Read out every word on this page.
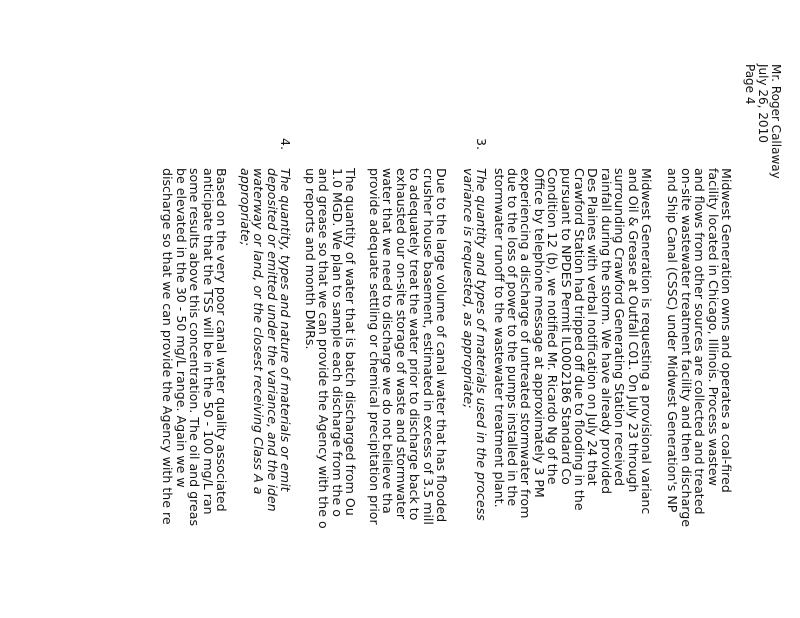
Mr. Roger Callaway
July 26, 2010
Page 4
Midwest Generation owns and operates a coal-fired
facility located in Chicago, Illinois. Process wastew
and flows from other sources are collected and treated
on-site wastewater treatment facility and then discharge
and Ship Canal (CSSC) under Midwest Generation's NP
Midwest Generation is requesting a provisional varianc
and Oil & Grease at Outfall C01. On July 23 through
surrounding Crawford Generating Station received
rainfall during the storm. We have already provided
Des Plaines with verbal notification on July 24 that
Crawford Station had tripped off due to flooding in the
pursuant to NPDES Permit IL0002186 Standard Co
Condition 12 (b), we notified Mr. Ricardo Ng of the
Office by telephone message at approximately 3 PM
experiencing a discharge of untreated stormwater from
due to the loss of power to the pumps installed in the
stormwater runoff to the wastewater treatment plant.
3.
The quantity and types of materials used in the process
variance is requested, as appropriate;
Due to the large volume of canal water that has flooded
crusher house basement, estimated in excess of 3.5 mill
to adequately treat the water prior to discharge back to
exhausted our on-site storage of waste and stormwater
water that we need to discharge we do not believe tha
provide adequate settling or chemical precipitation prior
The quantity of water that is batch discharged from Ou
1.0 MGD. We plan to sample each discharge from the o
and grease so that we can provide the Agency with the o
up reports and month DMRs.
4.
The quantity, types and nature of materials or emit
deposited or emitted under the variance, and the iden
waterway or land, or the closest receiving Class A a
appropriate;
Based on the very poor canal water quality associated
anticipate that the TSS will be in the 50 - 100 mg/L ran
some results above this concentration. The oil and greas
be elevated in the 30 - 50 mg/L range. Again we w
discharge so that we can provide the Agency with the re
